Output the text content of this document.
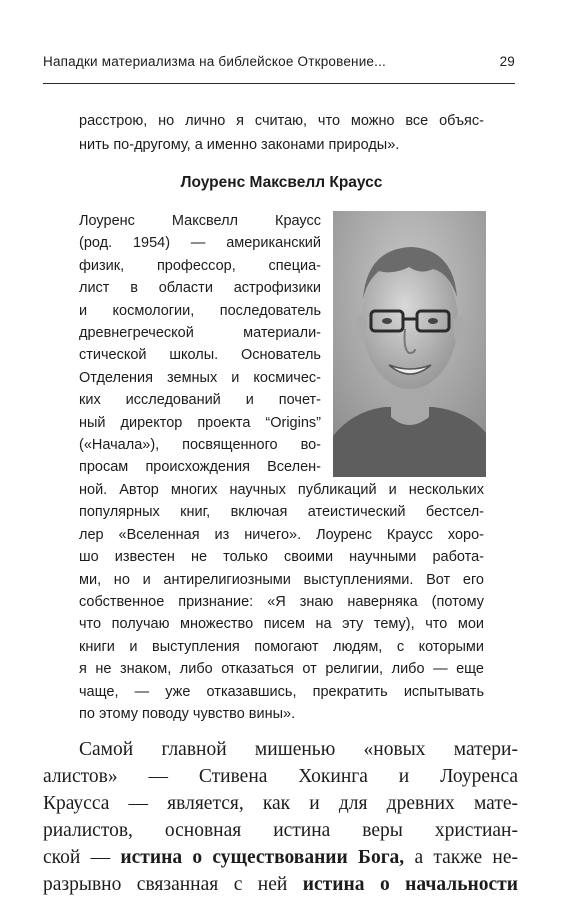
Нападки материализма на библейское Откровение...	29
расстрою, но лично я считаю, что можно все объяс-
нить по-другому, а именно законами природы».
Лоуренс Максвелл Краусс
Лоуренс Максвелл Краусс
(род. 1954) — американский
физик, профессор, специа-
лист в области астрофизики
и космологии, последователь
древнегреческой материали-
стической школы. Основатель
Отделения земных и космичес-
ких исследований и почет-
ный директор проекта “Origins”
(«Начала»), посвященного во-
просам происхождения Вселен-
ной. Автор многих научных публикаций и нескольких
популярных книг, включая атеистический бестсел-
лер «Вселенная из ничего». Лоуренс Краусс хоро-
шо известен не только своими научными работа-
ми, но и антирелигиозными выступлениями. Вот его
собственное признание: «Я знаю наверняка (потому
что получаю множество писем на эту тему), что мои
книги и выступления помогают людям, с которыми
я не знаком, либо отказаться от религии, либо — еще
чаще, — уже отказавшись, прекратить испытывать
по этому поводу чувство вины».
Самой главной мишенью «новых матери-
алистов» — Стивена Хокинга и Лоуренса
Краусса — является, как и для древних мате-
риалистов, основная истина веры христиан-
ской — истина о существовании Бога, а также не-
разрывно связанная с ней истина о начальности
